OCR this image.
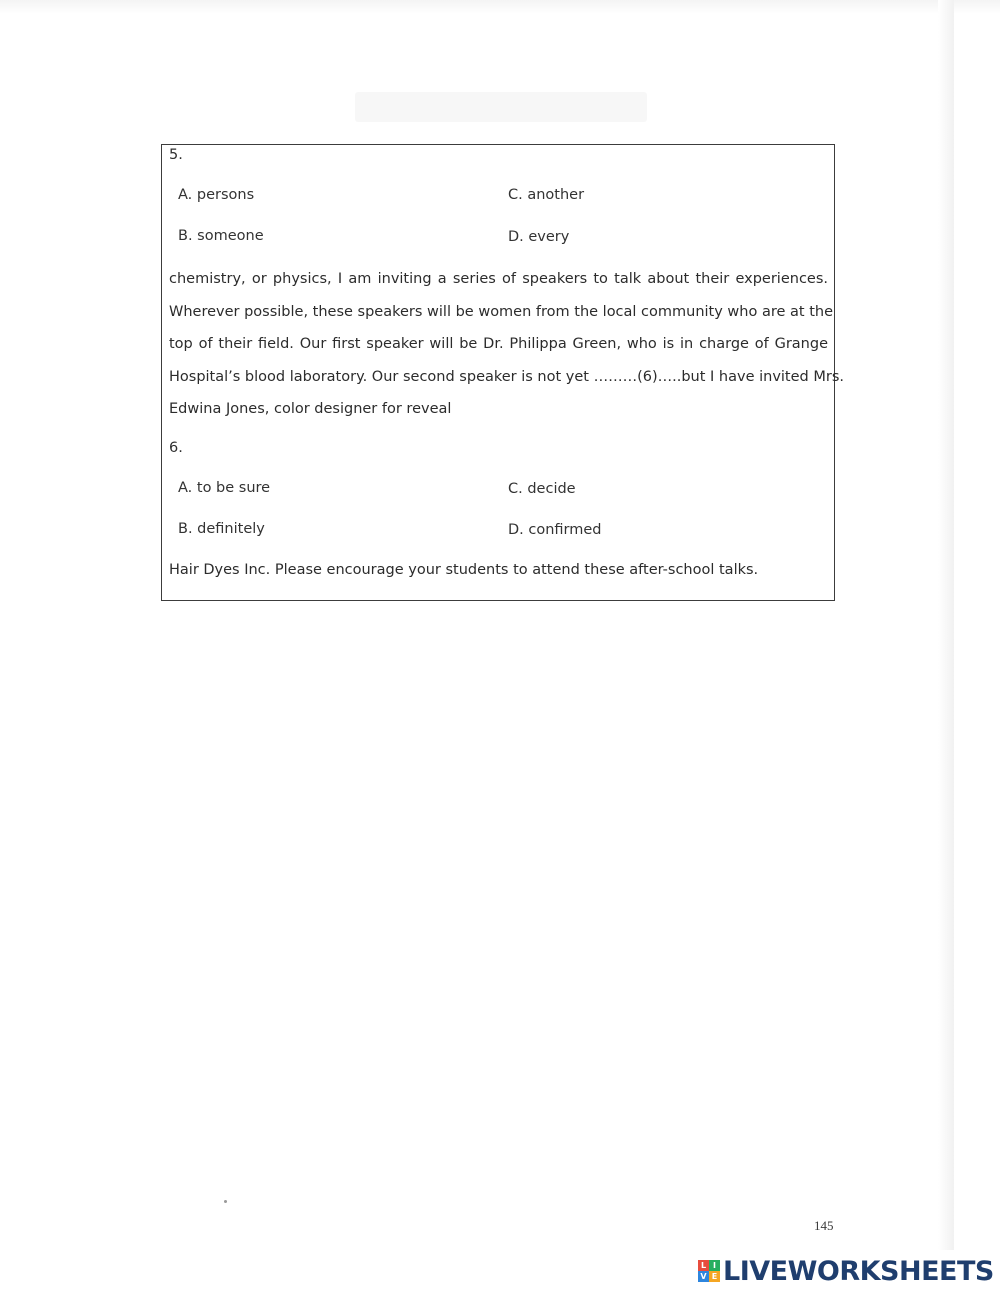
5.
A. persons	C. another
B. someone	D. every
chemistry, or physics, I am inviting a series of speakers to talk about their experiences.
Wherever possible, these speakers will be women from the local community who are at the
top of their field. Our first speaker will be Dr. Philippa Green, who is in charge of Grange
Hospital’s blood laboratory. Our second speaker is not yet ………(6)…..but I have invited Mrs.
Edwina Jones, color designer for reveal
6.
A. to be sure	C. decide
B. definitely	D. confirmed
Hair Dyes Inc. Please encourage your students to attend these after-school talks.
145
L I
V E LIVEWORKSHEETS
